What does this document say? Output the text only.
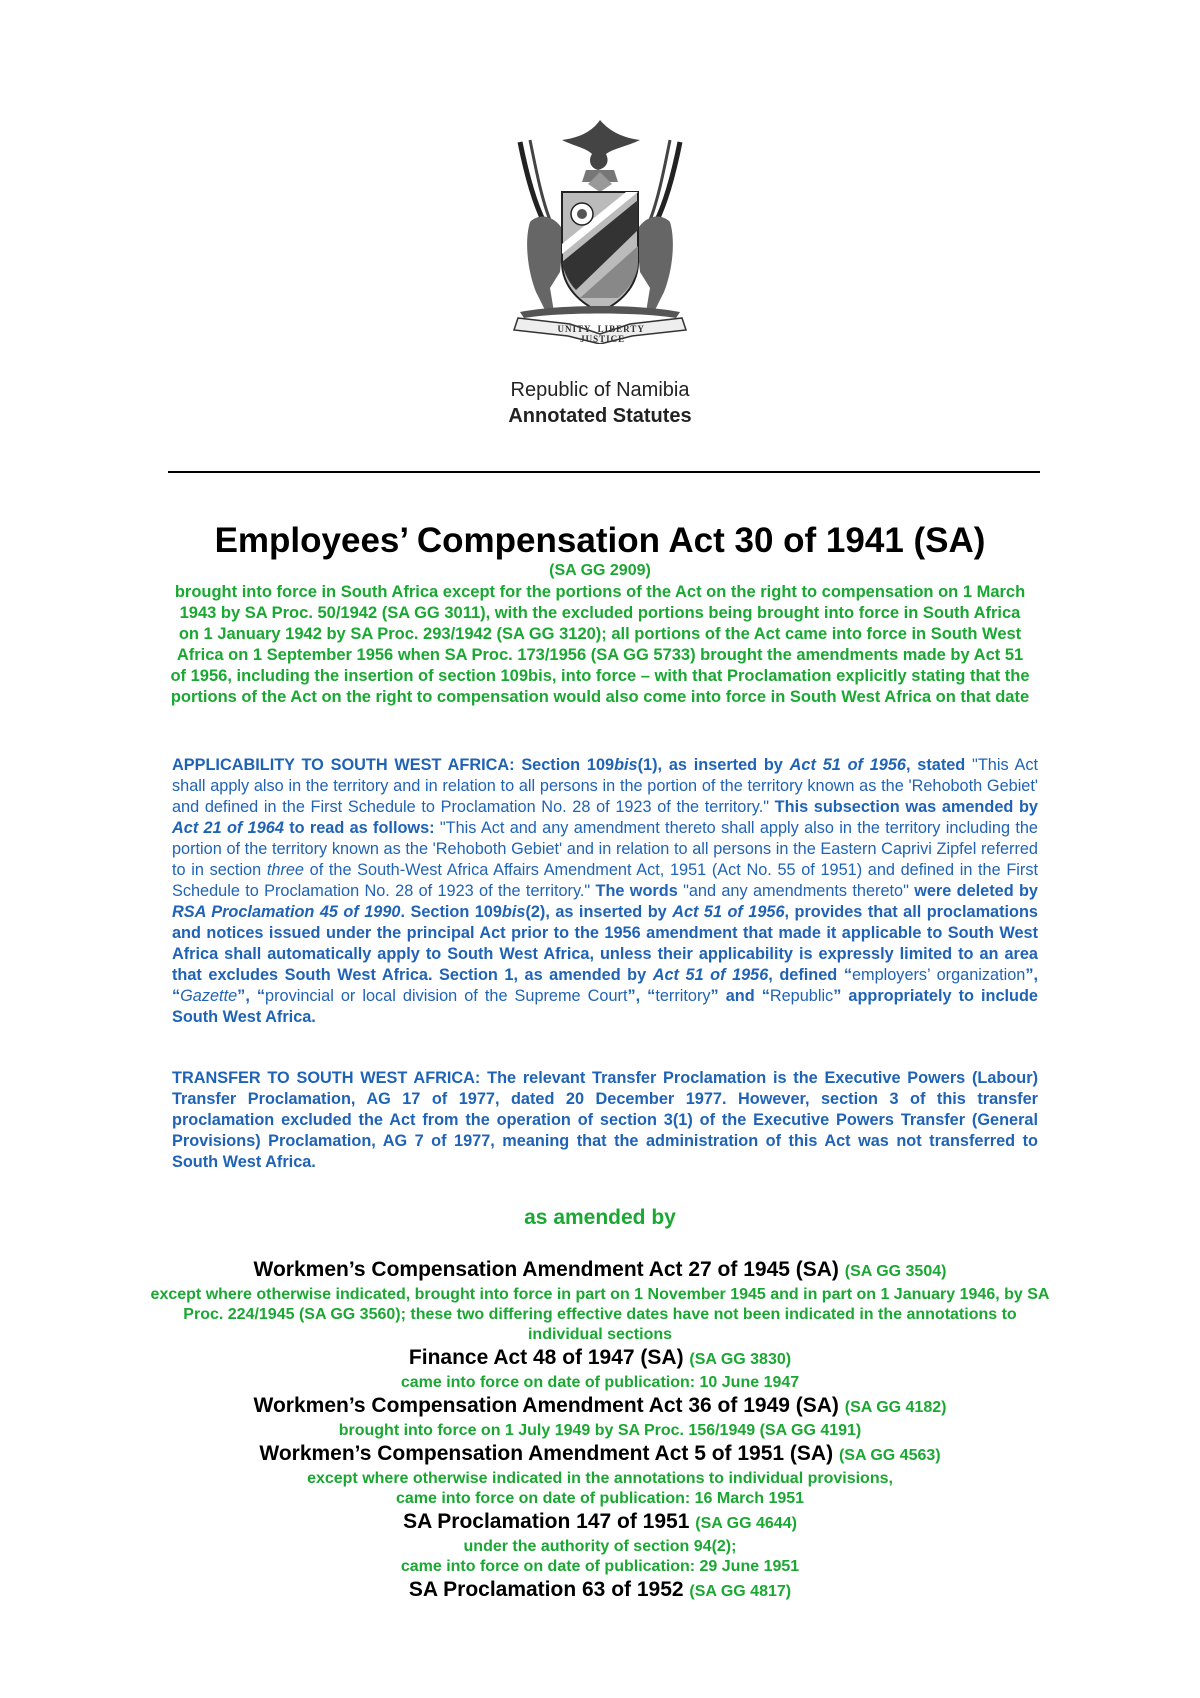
UNITY LIBERTY  JUSTICE
Republic of Namibia
Annotated Statutes
Employees’ Compensation Act 30 of 1941 (SA)
(SA GG 2909)
brought into force in South Africa except for the portions of the Act on the right to compensation on 1 March 1943 by SA Proc. 50/1942 (SA GG 3011), with the excluded portions being brought into force in South Africa on 1 January 1942 by SA Proc. 293/1942 (SA GG 3120); all portions of the Act came into force in South West Africa on 1 September 1956 when SA Proc. 173/1956 (SA GG 5733) brought the amendments made by Act 51 of 1956, including the insertion of section 109bis, into force – with that Proclamation explicitly stating that the portions of the Act on the right to compensation would also come into force in South West Africa on that date
APPLICABILITY TO SOUTH WEST AFRICA: Section 109bis(1), as inserted by Act 51 of 1956, stated "This Act shall apply also in the territory and in relation to all persons in the portion of the territory known as the 'Rehoboth Gebiet' and defined in the First Schedule to Proclamation No. 28 of 1923 of the territory." This subsection was amended by Act 21 of 1964 to read as follows: "This Act and any amendment thereto shall apply also in the territory including the portion of the territory known as the 'Rehoboth Gebiet' and in relation to all persons in the Eastern Caprivi Zipfel referred to in section three of the South-West Africa Affairs Amendment Act, 1951 (Act No. 55 of 1951) and defined in the First Schedule to Proclamation No. 28 of 1923 of the territory." The words "and any amendments thereto" were deleted by RSA Proclamation 45 of 1990. Section 109bis(2), as inserted by Act 51 of 1956, provides that all proclamations and notices issued under the principal Act prior to the 1956 amendment that made it applicable to South West Africa shall automatically apply to South West Africa, unless their applicability is expressly limited to an area that excludes South West Africa. Section 1, as amended by Act 51 of 1956, defined “employers’ organization”, “Gazette”, “provincial or local division of the Supreme Court”, “territory” and “Republic” appropriately to include South West Africa.
TRANSFER TO SOUTH WEST AFRICA: The relevant Transfer Proclamation is the Executive Powers (Labour) Transfer Proclamation, AG 17 of 1977, dated 20 December 1977. However, section 3 of this transfer proclamation excluded the Act from the operation of section 3(1) of the Executive Powers Transfer (General Provisions) Proclamation, AG 7 of 1977, meaning that the administration of this Act was not transferred to South West Africa.
as amended by
Workmen’s Compensation Amendment Act 27 of 1945 (SA) (SA GG 3504)
except where otherwise indicated, brought into force in part on 1 November 1945 and in part on 1 January 1946, by SA Proc. 224/1945 (SA GG 3560); these two differing effective dates have not been indicated in the annotations to individual sections
Finance Act 48 of 1947 (SA) (SA GG 3830)
came into force on date of publication: 10 June 1947
Workmen’s Compensation Amendment Act 36 of 1949 (SA) (SA GG 4182)
brought into force on 1 July 1949 by SA Proc. 156/1949 (SA GG 4191)
Workmen’s Compensation Amendment Act 5 of 1951 (SA) (SA GG 4563)
except where otherwise indicated in the annotations to individual provisions,
came into force on date of publication: 16 March 1951
SA Proclamation 147 of 1951 (SA GG 4644)
under the authority of section 94(2);
came into force on date of publication: 29 June 1951
SA Proclamation 63 of 1952 (SA GG 4817)
